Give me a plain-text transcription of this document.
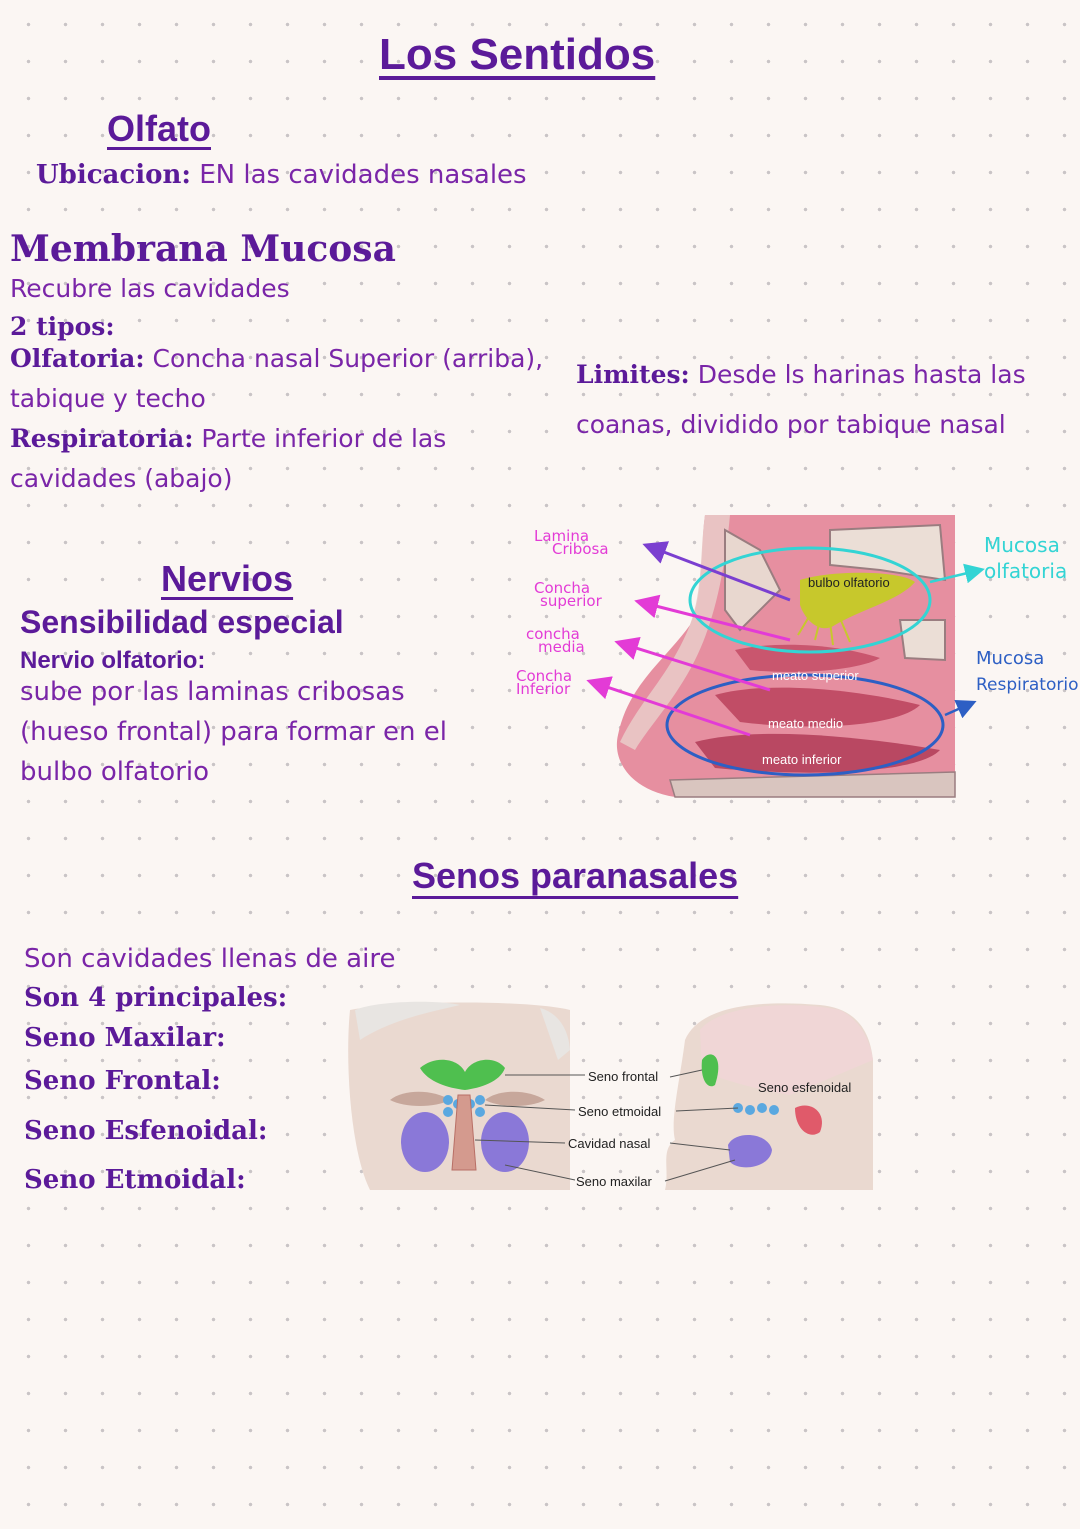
Los Sentidos
Olfato
Ubicacion: EN las cavidades nasales
Membrana Mucosa
Recubre las cavidades
2 tipos:
Olfatoria: Concha nasal Superior (arriba),
tabique y techo
Respiratoria: Parte inferior de las
cavidades (abajo)
Limites: Desde ls harinas hasta las
coanas, dividido por tabique nasal
Nervios
Sensibilidad especial
Nervio olfatorio:
sube por las laminas cribosas
(hueso frontal) para formar en el
bulbo olfatorio
Lamina
Cribosa
Concha
superior
concha
media
Concha
Inferior
bulbo olfatorio
meato superior
meato medio
meato inferior
Mucosa
olfatoria
Mucosa
Respiratorio
Senos paranasales
Son cavidades llenas de aire
Son 4 principales:
Seno Maxilar:
Seno Frontal:
Seno Esfenoidal:
Seno Etmoidal:
Seno frontal
Seno etmoidal
Cavidad nasal
Seno maxilar
Seno esfenoidal
